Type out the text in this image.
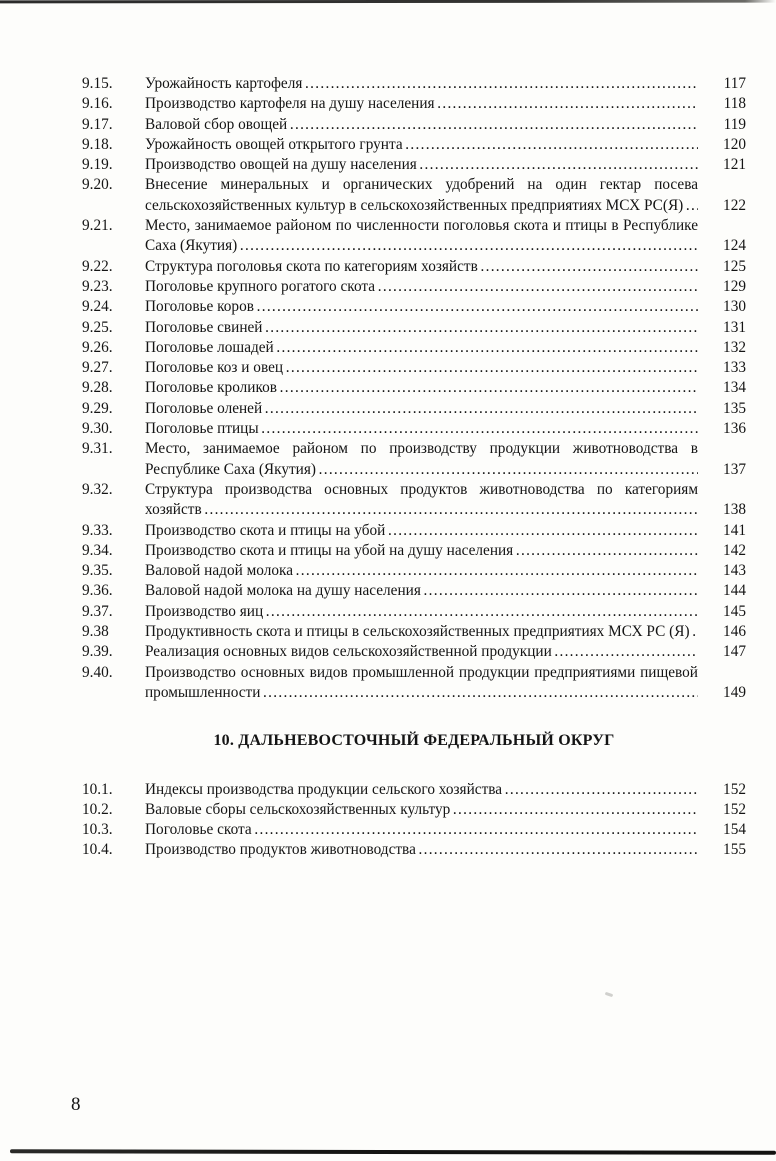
9.15.	Урожайность картофеля ……………………………………………………………………………………………………………………………………………………………………………………………………………………	117
9.16.	Производство картофеля на душу населения ……………………………………………………………………………………………………………………………………………………………………………………………………………………	118
9.17.	Валовой сбор овощей ……………………………………………………………………………………………………………………………………………………………………………………………………………………	119
9.18.	Урожайность овощей открытого грунта ……………………………………………………………………………………………………………………………………………………………………………………………………………………	120
9.19.	Производство овощей на душу населения ……………………………………………………………………………………………………………………………………………………………………………………………………………………	121
9.20.	Внесение минеральных и органических удобрений на один гектар посева сельскохозяйственных культур в сельскохозяйственных предприятиях МСХ РС(Я) ……………………………………………………………………………………………………………………………………………………………………………………………………………………	122
9.21.	Место, занимаемое районом по численности поголовья скота и птицы в Республике Саха (Якутия) ……………………………………………………………………………………………………………………………………………………………………………………………………………………	124
9.22.	Структура поголовья скота по категориям хозяйств ……………………………………………………………………………………………………………………………………………………………………………………………………………………	125
9.23.	Поголовье крупного рогатого скота ……………………………………………………………………………………………………………………………………………………………………………………………………………………	129
9.24.	Поголовье коров ……………………………………………………………………………………………………………………………………………………………………………………………………………………	130
9.25.	Поголовье свиней ……………………………………………………………………………………………………………………………………………………………………………………………………………………	131
9.26.	Поголовье лошадей ……………………………………………………………………………………………………………………………………………………………………………………………………………………	132
9.27.	Поголовье коз и овец ……………………………………………………………………………………………………………………………………………………………………………………………………………………	133
9.28.	Поголовье кроликов ……………………………………………………………………………………………………………………………………………………………………………………………………………………	134
9.29.	Поголовье оленей ……………………………………………………………………………………………………………………………………………………………………………………………………………………	135
9.30.	Поголовье птицы ……………………………………………………………………………………………………………………………………………………………………………………………………………………	136
9.31.	Место, занимаемое районом по производству продукции животноводства в Республике Саха (Якутия) ……………………………………………………………………………………………………………………………………………………………………………………………………………………	137
9.32.	Структура производства основных продуктов животноводства по категориям хозяйств ……………………………………………………………………………………………………………………………………………………………………………………………………………………	138
9.33.	Производство скота и птицы на убой ……………………………………………………………………………………………………………………………………………………………………………………………………………………	141
9.34.	Производство скота и птицы на убой на душу населения ……………………………………………………………………………………………………………………………………………………………………………………………………………………	142
9.35.	Валовой надой молока ……………………………………………………………………………………………………………………………………………………………………………………………………………………	143
9.36.	Валовой надой молока на душу населения ……………………………………………………………………………………………………………………………………………………………………………………………………………………	144
9.37.	Производство яиц ……………………………………………………………………………………………………………………………………………………………………………………………………………………	145
9.38	Продуктивность скота и птицы в сельскохозяйственных предприятиях МСХ РС (Я) ……………………………………………………………………………………………………………………………………………………………………………………………………………………	146
9.39.	Реализация основных видов сельскохозяйственной продукции ……………………………………………………………………………………………………………………………………………………………………………………………………………………	147
9.40.	Производство основных видов промышленной продукции предприятиями пищевой промышленности ……………………………………………………………………………………………………………………………………………………………………………………………………………………	149
10. ДАЛЬНЕВОСТОЧНЫЙ ФЕДЕРАЛЬНЫЙ ОКРУГ
10.1.	Индексы производства продукции сельского хозяйства ……………………………………………………………………………………………………………………………………………………………………………………………………………………	152
10.2.	Валовые сборы сельскохозяйственных культур ……………………………………………………………………………………………………………………………………………………………………………………………………………………	152
10.3.	Поголовье скота ……………………………………………………………………………………………………………………………………………………………………………………………………………………	154
10.4.	Производство продуктов животноводства ……………………………………………………………………………………………………………………………………………………………………………………………………………………	155
8
